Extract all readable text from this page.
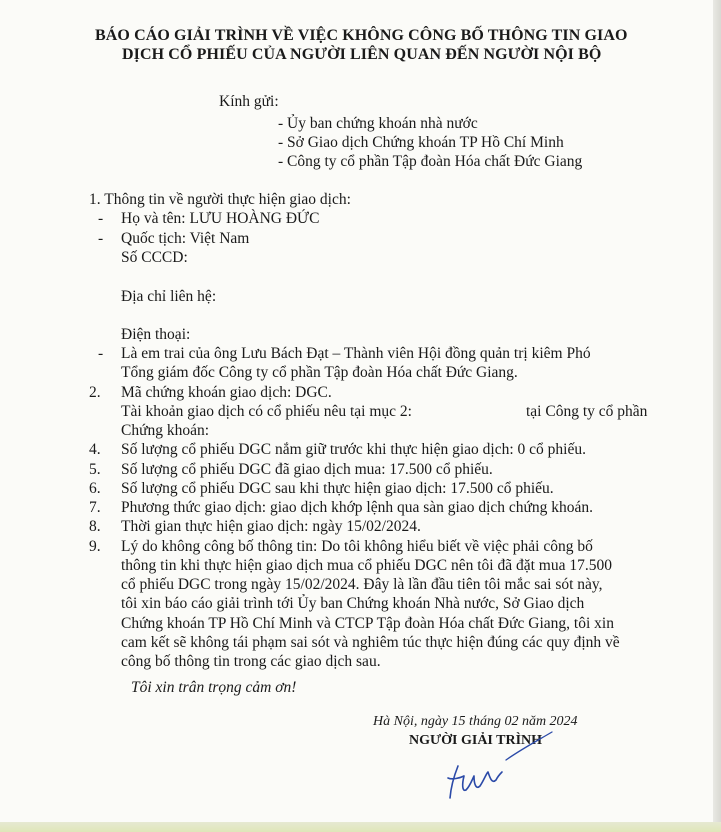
BÁO CÁO GIẢI TRÌNH VỀ VIỆC KHÔNG CÔNG BỐ THÔNG TIN GIAO
DỊCH CỔ PHIẾU CỦA NGƯỜI LIÊN QUAN ĐẾN NGƯỜI NỘI BỘ
Kính gửi:
- Ủy ban chứng khoán nhà nước
- Sở Giao dịch Chứng khoán TP Hồ Chí Minh
- Công ty cổ phần Tập đoàn Hóa chất Đức Giang
1. Thông tin về người thực hiện giao dịch:
- Họ và tên: LƯU HOÀNG ĐỨC
- Quốc tịch: Việt Nam
Số CCCD:
Địa chỉ liên hệ:
Điện thoại:
- Là em trai của ông Lưu Bách Đạt – Thành viên Hội đồng quản trị kiêm Phó
Tổng giám đốc Công ty cổ phần Tập đoàn Hóa chất Đức Giang.
2. Mã chứng khoán giao dịch: DGC.
Tài khoản giao dịch có cổ phiếu nêu tại mục 2:	tại Công ty cổ phần
Chứng khoán:
4. Số lượng cổ phiếu DGC nắm giữ trước khi thực hiện giao dịch: 0 cổ phiếu.
5. Số lượng cổ phiếu DGC đã giao dịch mua: 17.500 cổ phiếu.
6. Số lượng cổ phiếu DGC sau khi thực hiện giao dịch: 17.500 cổ phiếu.
7. Phương thức giao dịch: giao dịch khớp lệnh qua sàn giao dịch chứng khoán.
8. Thời gian thực hiện giao dịch: ngày 15/02/2024.
9. Lý do không công bố thông tin: Do tôi không hiểu biết về việc phải công bố
thông tin khi thực hiện giao dịch mua cổ phiếu DGC nên tôi đã đặt mua 17.500
cổ phiếu DGC trong ngày 15/02/2024. Đây là lần đầu tiên tôi mắc sai sót này,
tôi xin báo cáo giải trình tới Ủy ban Chứng khoán Nhà nước, Sở Giao dịch
Chứng khoán TP Hồ Chí Minh và CTCP Tập đoàn Hóa chất Đức Giang, tôi xin
cam kết sẽ không tái phạm sai sót và nghiêm túc thực hiện đúng các quy định về
công bố thông tin trong các giao dịch sau.
Tôi xin trân trọng cảm ơn!
Hà Nội, ngày 15 tháng 02 năm 2024
NGƯỜI GIẢI TRÌNH
